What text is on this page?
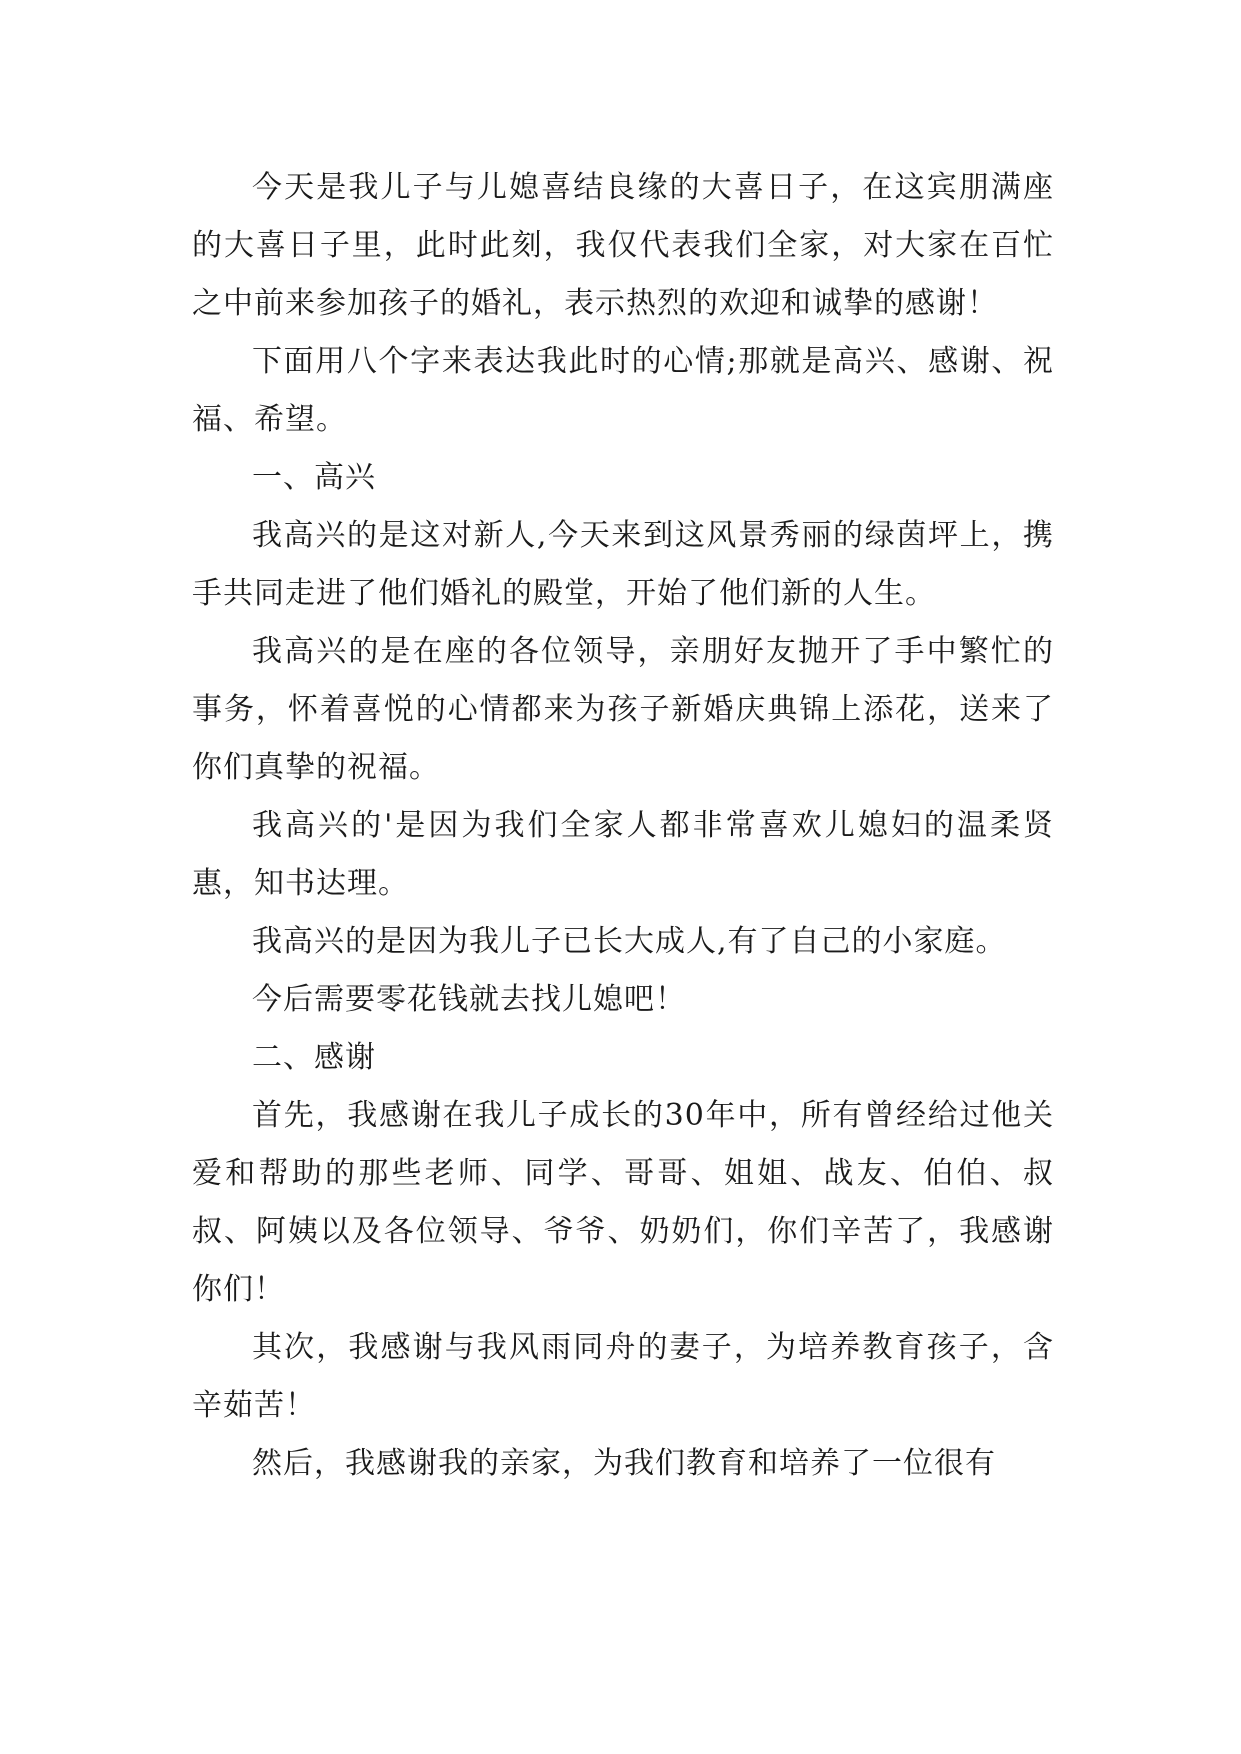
今天是我儿子与儿媳喜结良缘的大喜日子，在这宾朋满座的大喜日子里，此时此刻，我仅代表我们全家，对大家在百忙之中前来参加孩子的婚礼，表示热烈的欢迎和诚挚的感谢！

下面用八个字来表达我此时的心情;那就是高兴、感谢、祝福、希望。

一、高兴

我高兴的是这对新人,今天来到这风景秀丽的绿茵坪上，携手共同走进了他们婚礼的殿堂，开始了他们新的人生。

我高兴的是在座的各位领导，亲朋好友抛开了手中繁忙的事务，怀着喜悦的心情都来为孩子新婚庆典锦上添花，送来了你们真挚的祝福。

我高兴的'是因为我们全家人都非常喜欢儿媳妇的温柔贤惠，知书达理。

我高兴的是因为我儿子已长大成人,有了自己的小家庭。

今后需要零花钱就去找儿媳吧！

二、感谢

首先，我感谢在我儿子成长的30年中，所有曾经给过他关爱和帮助的那些老师、同学、哥哥、姐姐、战友、伯伯、叔叔、阿姨以及各位领导、爷爷、奶奶们，你们辛苦了，我感谢你们！

其次，我感谢与我风雨同舟的妻子，为培养教育孩子，含辛茹苦！

然后，我感谢我的亲家，为我们教育和培养了一位很有
